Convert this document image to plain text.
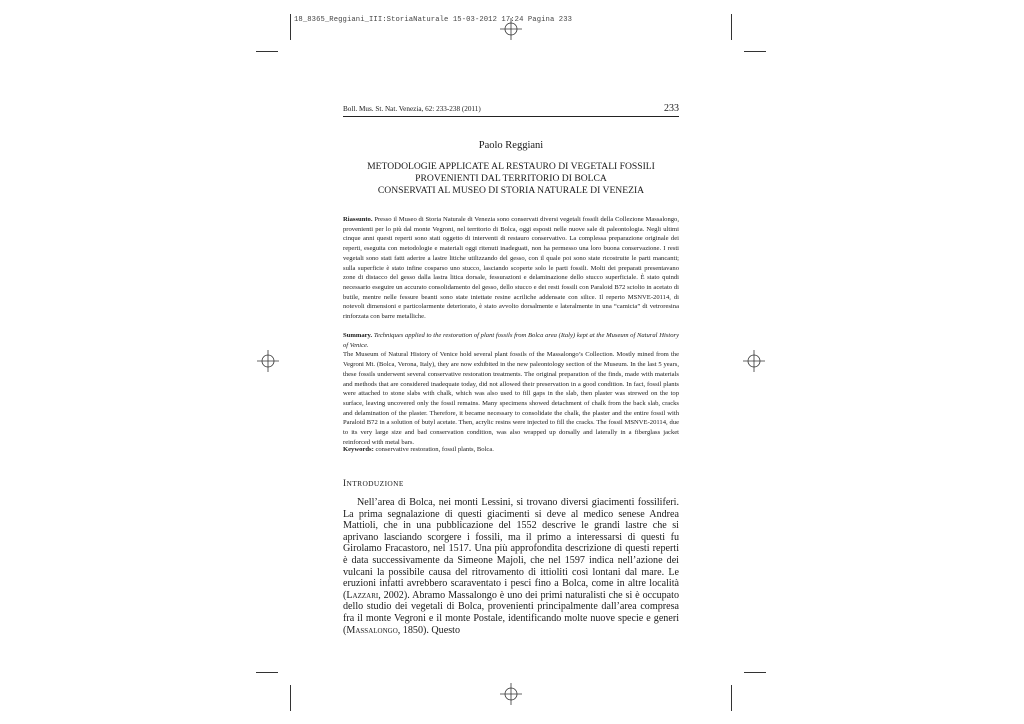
18_8365_Reggiani_III:StoriaNaturale 15-03-2012 17:24 Pagina 233
Boll. Mus. St. Nat. Venezia, 62: 233-238 (2011)	233
Paolo Reggiani
METODOLOGIE APPLICATE AL RESTAURO DI VEGETALI FOSSILI
PROVENIENTI DAL TERRITORIO DI BOLCA
CONSERVATI AL MUSEO DI STORIA NATURALE DI VENEZIA
Riassunto. Presso il Museo di Storia Naturale di Venezia sono conservati diversi vegetali fossili della Collezione Massalongo, provenienti per lo più dal monte Vegroni, nel territorio di Bolca, oggi esposti nelle nuove sale di paleontologia. Negli ultimi cinque anni questi reperti sono stati oggetto di interventi di restauro conservativo. La complessa preparazione originale dei reperti, eseguita con metodologie e materiali oggi ritenuti inadeguati, non ha permesso una loro buona conservazione. I resti vegetali sono stati fatti aderire a lastre litiche utilizzando del gesso, con il quale poi sono state ricostruite le parti mancanti; sulla superficie è stato infine cosparso uno stucco, lasciando scoperte solo le parti fossili. Molti dei preparati presentavano zone di distacco del gesso dalla lastra litica dorsale, fessurazioni e delaminazione dello stucco superficiale. È stato quindi necessario eseguire un accurato consolidamento del gesso, dello stucco e dei resti fossili con Paraloid B72 sciolto in acetato di butile, mentre nelle fessure beanti sono state iniettate resine acriliche addensate con silice. Il reperto MSNVE-20114, di notevoli dimensioni e particolarmente deteriorato, è stato avvolto dorsalmente e lateralmente in una “camicia” di vetroresina rinforzata con barre metalliche.
Summary. Techniques applied to the restoration of plant fossils from Bolca area (Italy) kept at the Museum of Natural History of Venice.
The Museum of Natural History of Venice hold several plant fossils of the Massalongo’s Collection. Mostly mined from the Vegroni Mt. (Bolca, Verona, Italy), they are now exhibited in the new paleontology section of the Museum. In the last 5 years, these fossils underwent several conservative restoration treatments. The original preparation of the finds, made with materials and methods that are considered inadequate today, did not allowed their preservation in a good condition. In fact, fossil plants were attached to stone slabs with chalk, which was also used to fill gaps in the slab, then plaster was strewed on the top surface, leaving uncovered only the fossil remains. Many specimens showed detachment of chalk from the back slab, cracks and delamination of the plaster. Therefore, it became necessary to consolidate the chalk, the plaster and the entire fossil with Paraloid B72 in a solution of butyl acetate. Then, acrylic resins were injected to fill the cracks. The fossil MSNVE-20114, due to its very large size and bad conservation condition, was also wrapped up dorsally and laterally in a fiberglass jacket reinforced with metal bars.
Keywords: conservative restoration, fossil plants, Bolca.
INTRODUZIONE
Nell’area di Bolca, nei monti Lessini, si trovano diversi giacimenti fossiliferi. La prima segnalazione di questi giacimenti si deve al medico senese Andrea Mattioli, che in una pubblicazione del 1552 descrive le grandi lastre che si aprivano lasciando scorgere i fossili, ma il primo a interessarsi di questi fu Girolamo Fracastoro, nel 1517. Una più approfondita descrizione di questi reperti è data successivamente da Simeone Majoli, che nel 1597 indica nell’azione dei vulcani la possibile causa del ritrovamento di ittioliti così lontani dal mare. Le eruzioni infatti avrebbero scaraventato i pesci fino a Bolca, come in altre località (Lazzari, 2002). Abramo Massalongo è uno dei primi naturalisti che si è occupato dello studio dei vegetali di Bolca, provenienti principalmente dall’area compresa fra il monte Vegroni e il monte Postale, identificando molte nuove specie e generi (Massalongo, 1850). Questo
